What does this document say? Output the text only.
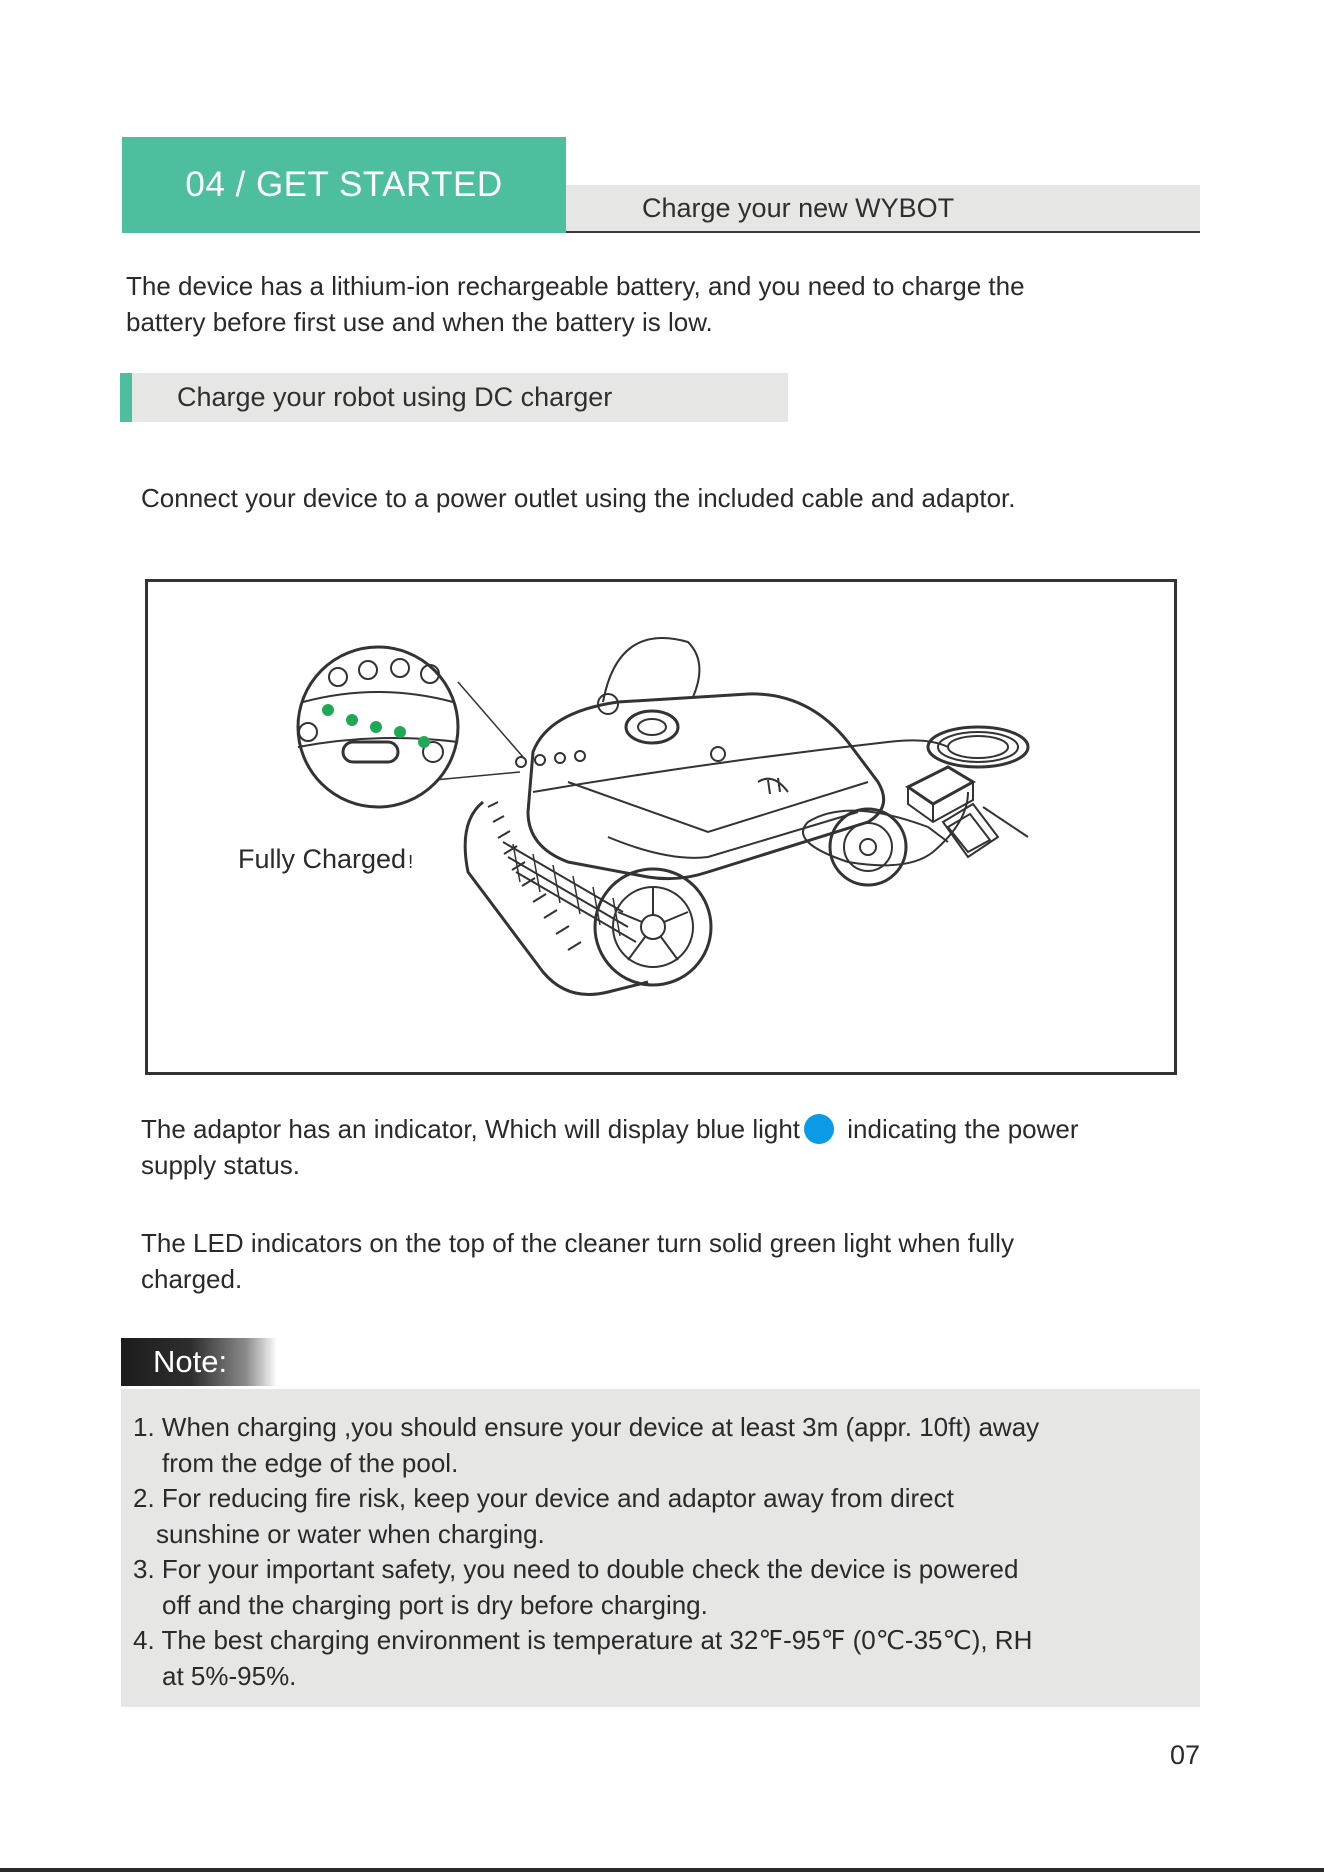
04 / GET STARTED
Charge your new WYBOT
The device has a lithium-ion rechargeable battery, and you need to charge the
battery before first use and when the battery is low.
Charge your robot using DC charger
Connect your device to a power outlet using the included cable and adaptor.
Fully Charged !
The adaptor has an indicator, Which will display blue light indicating the power
supply status.
The LED indicators on the top of the cleaner turn solid green light when fully
charged.
Note:
1. When charging ,you should ensure your device at least 3m (appr. 10ft) away
from the edge of the pool.
2. For reducing fire risk, keep your device and adaptor away from direct
sunshine or water when charging.
3. For your important safety, you need to double check the device is powered
off and the charging port is dry before charging.
4. The best charging environment is temperature at 32℉-95℉ (0℃-35℃), RH
at 5%-95%.
07
